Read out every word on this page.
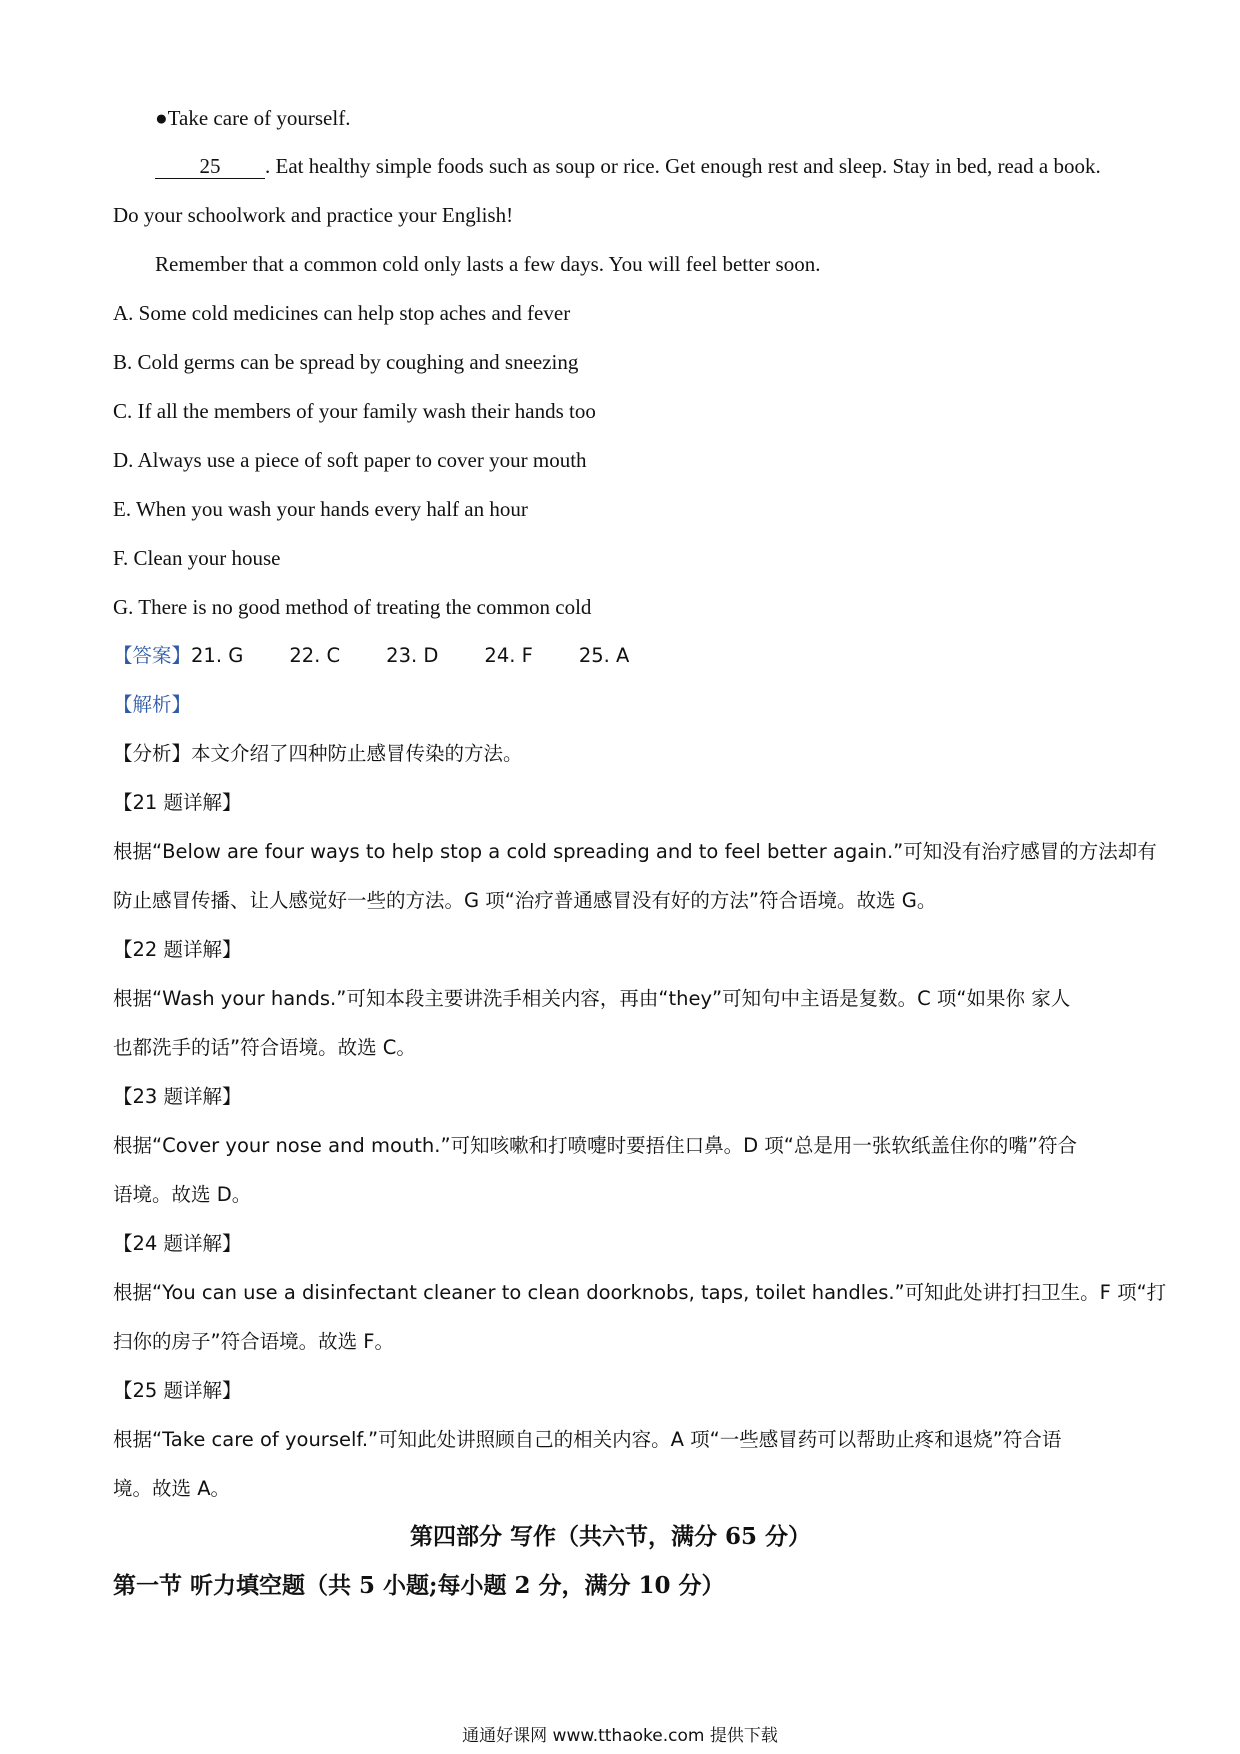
●Take care of yourself.
25 . Eat healthy simple foods such as soup or rice. Get enough rest and sleep. Stay in bed, read a book.
Do your schoolwork and practice your English!
Remember that a common cold only lasts a few days. You will feel better soon.
A. Some cold medicines can help stop aches and fever
B. Cold germs can be spread by coughing and sneezing
C. If all the members of your family wash their hands too
D. Always use a piece of soft paper to cover your mouth
E. When you wash your hands every half an hour
F. Clean your house
G. There is no good method of treating the common cold
【答案】21. G 22. C 23. D 24. F 25. A
【解析】
【分析】本文介绍了四种防止感冒传染的方法。
【21 题详解】
根据“Below are four ways to help stop a cold spreading and to feel better again.”可知没有治疗感冒的方法却有
防止感冒传播、让人感觉好一些的方法。G 项“治疗普通感冒没有好的方法”符合语境。故选 G。
【22 题详解】
根据“Wash your hands.”可知本段主要讲洗手相关内容，再由“they”可知句中主语是复数。C 项“如果你 家人
也都洗手的话”符合语境。故选 C。
【23 题详解】
根据“Cover your nose and mouth.”可知咳嗽和打喷嚏时要捂住口鼻。D 项“总是用一张软纸盖住你的嘴”符合
语境。故选 D。
【24 题详解】
根据“You can use a disinfectant cleaner to clean doorknobs, taps, toilet handles.”可知此处讲打扫卫生。F 项“打
扫你的房子”符合语境。故选 F。
【25 题详解】
根据“Take care of yourself.”可知此处讲照顾自己的相关内容。A 项“一些感冒药可以帮助止疼和退烧”符合语
境。故选 A。
第四部分 写作（共六节，满分 65 分）
第一节 听力填空题（共 5 小题;每小题 2 分，满分 10 分）
通通好课网 www.tthaoke.com 提供下载
